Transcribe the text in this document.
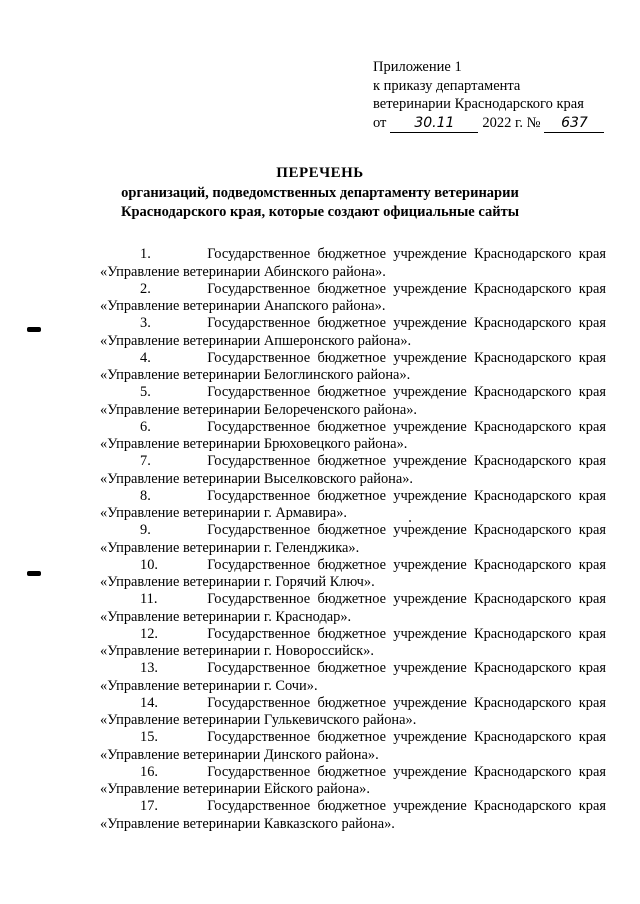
Приложение 1
к приказу департамента
ветеринарии Краснодарского края
от 30.11 2022 г. № 637
ПЕРЕЧЕНЬ
организаций, подведомственных департаменту ветеринарии
Краснодарского края, которые создают официальные сайты
1.	Государственное бюджетное учреждение Краснодарского края
«Управление ветеринарии Абинского района».
2.	Государственное бюджетное учреждение Краснодарского края
«Управление ветеринарии Анапского района».
3.	Государственное бюджетное учреждение Краснодарского края
«Управление ветеринарии Апшеронского района».
4.	Государственное бюджетное учреждение Краснодарского края
«Управление ветеринарии Белоглинского района».
5.	Государственное бюджетное учреждение Краснодарского края
«Управление ветеринарии Белореченского района».
6.	Государственное бюджетное учреждение Краснодарского края
«Управление ветеринарии Брюховецкого района».
7.	Государственное бюджетное учреждение Краснодарского края
«Управление ветеринарии Выселковского района».
8.	Государственное бюджетное учреждение Краснодарского края
«Управление ветеринарии г. Армавира».
9.	Государственное бюджетное учреждение Краснодарского края
«Управление ветеринарии г. Геленджика».
10.	Государственное бюджетное учреждение Краснодарского края
«Управление ветеринарии г. Горячий Ключ».
11.	Государственное бюджетное учреждение Краснодарского края
«Управление ветеринарии г. Краснодар».
12.	Государственное бюджетное учреждение Краснодарского края
«Управление ветеринарии г. Новороссийск».
13.	Государственное бюджетное учреждение Краснодарского края
«Управление ветеринарии г. Сочи».
14.	Государственное бюджетное учреждение Краснодарского края
«Управление ветеринарии Гулькевичского района».
15.	Государственное бюджетное учреждение Краснодарского края
«Управление ветеринарии Динского района».
16.	Государственное бюджетное учреждение Краснодарского края
«Управление ветеринарии Ейского района».
17.	Государственное бюджетное учреждение Краснодарского края
«Управление ветеринарии Кавказского района».
